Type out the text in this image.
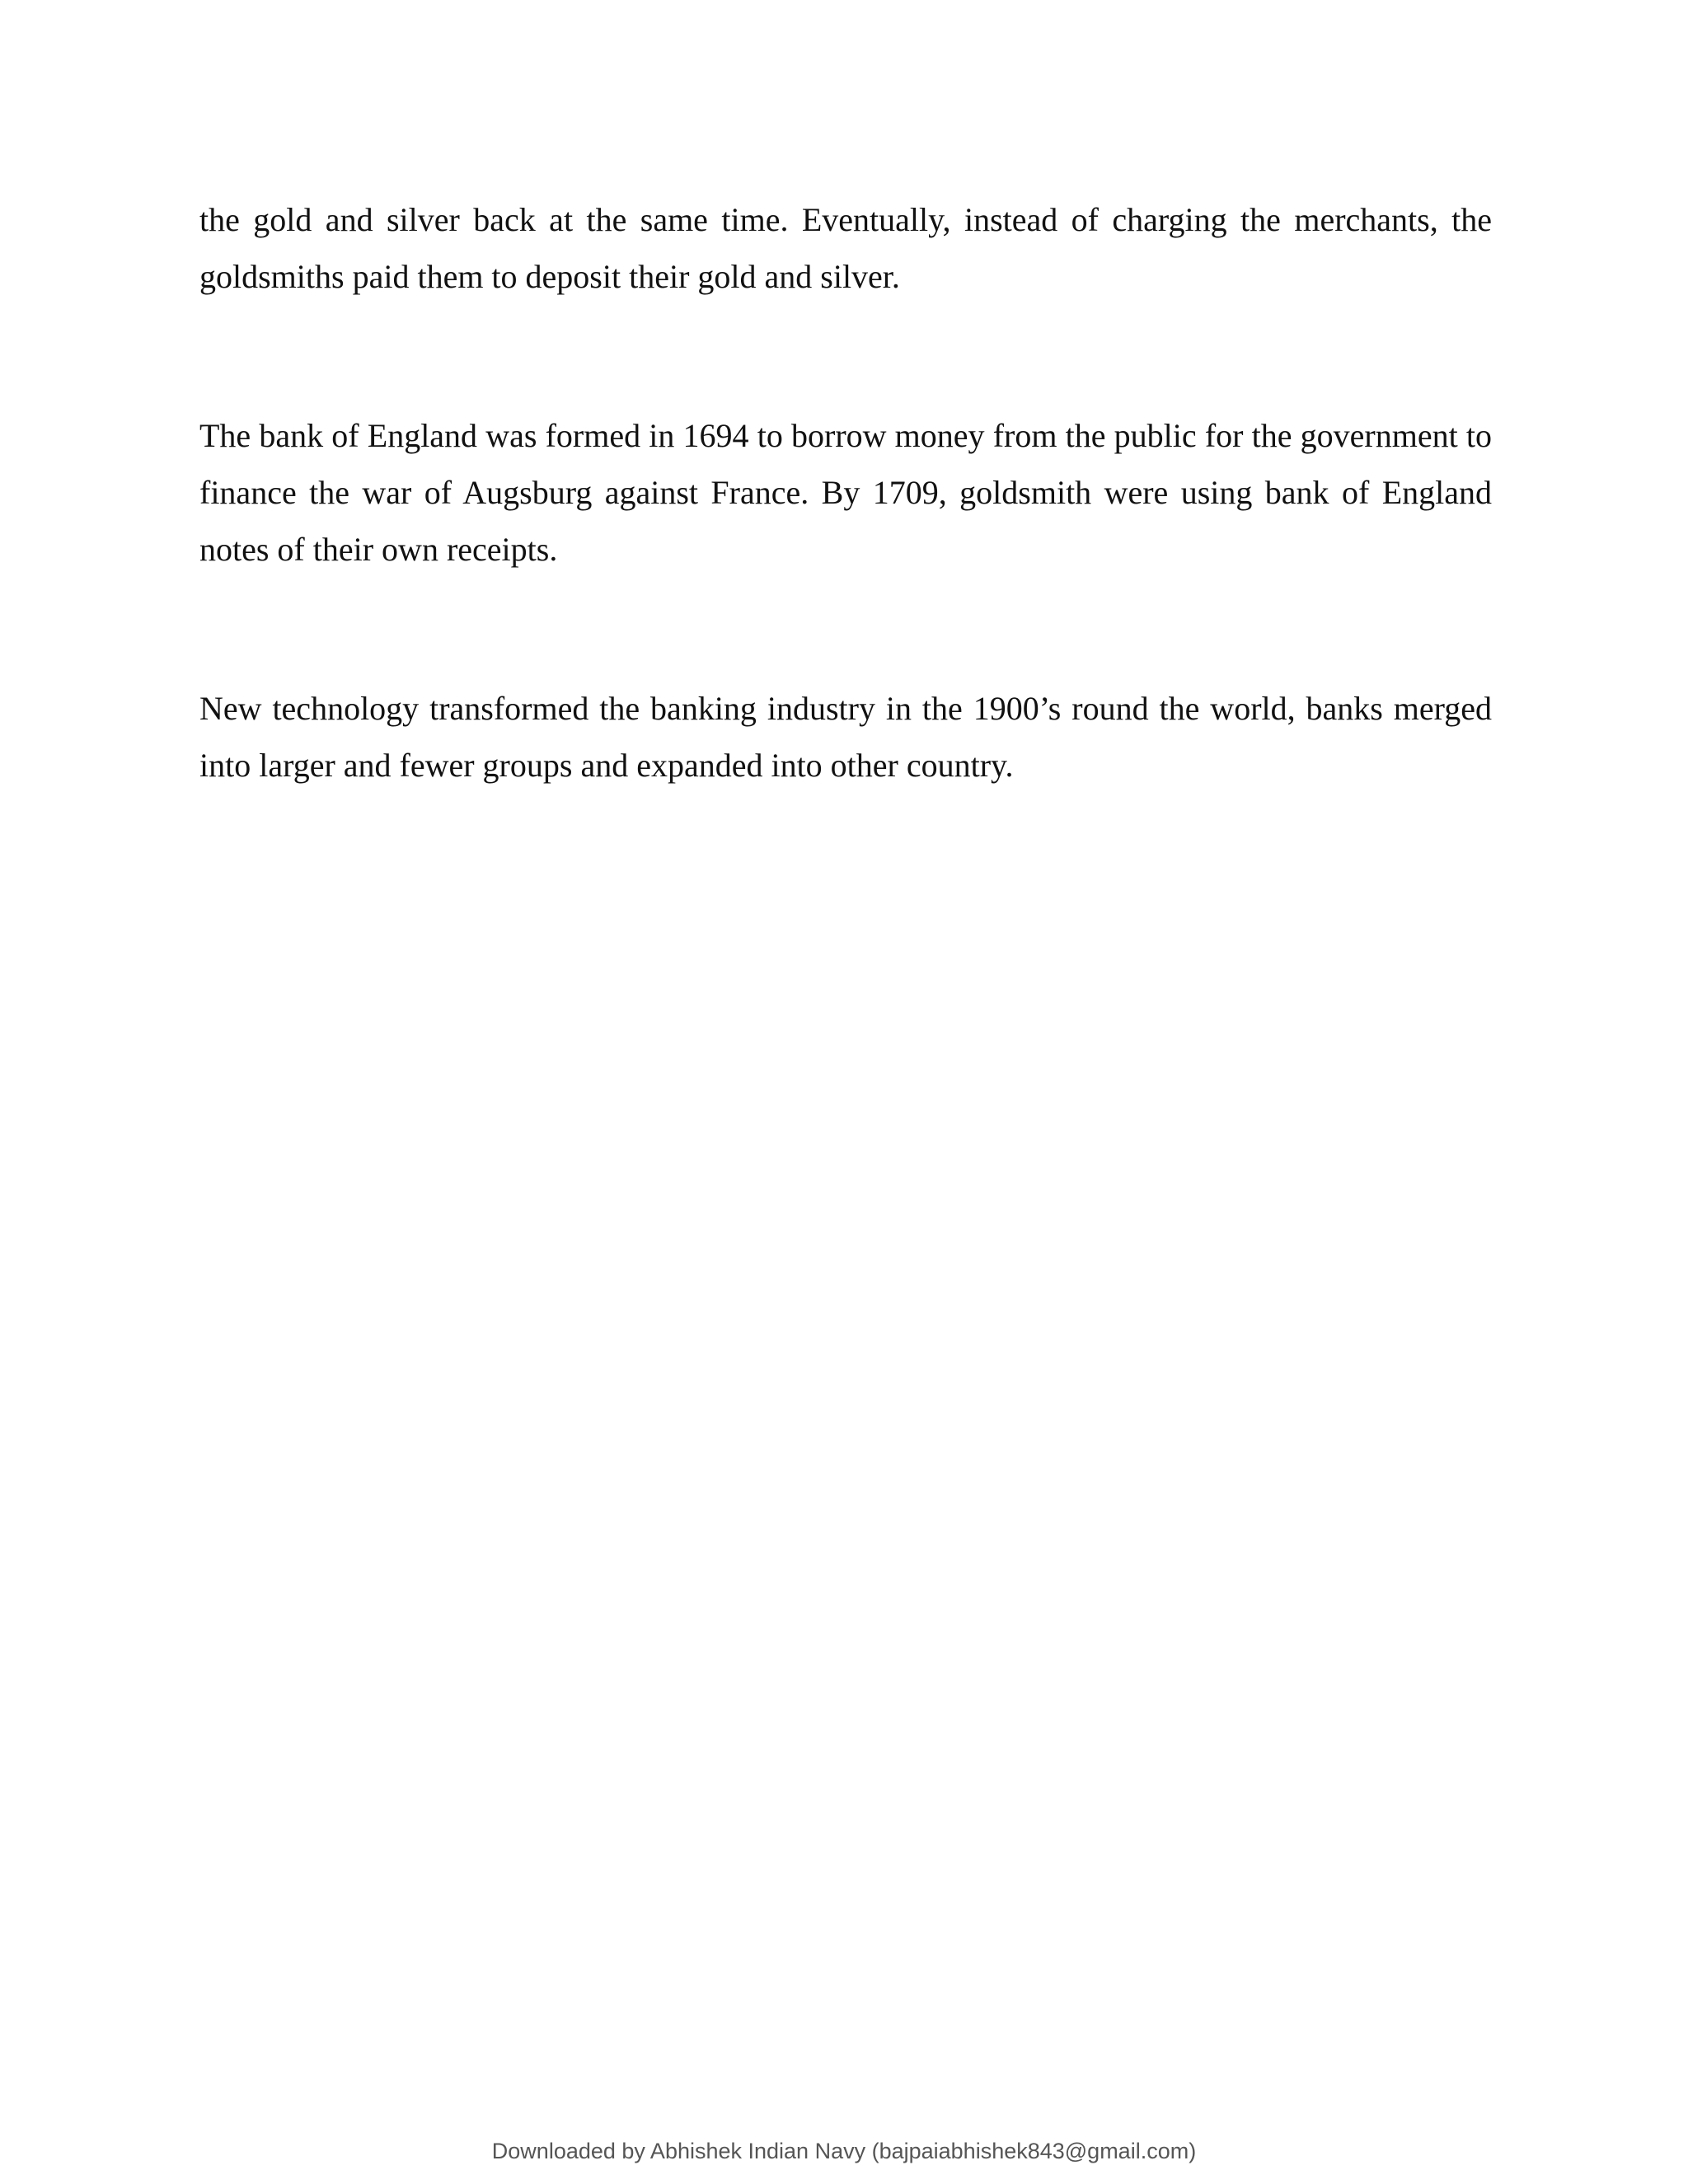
the gold and silver back at the same time. Eventually, instead of charging the merchants, the goldsmiths paid them to deposit their gold and silver.

The bank of England was formed in 1694 to borrow money from the public for the government to finance the war of Augsburg against France. By 1709, goldsmith were using bank of England notes of their own receipts.

New technology transformed the banking industry in the 1900’s round the world, banks merged into larger and fewer groups and expanded into other country.

Downloaded by Abhishek Indian Navy (bajpaiabhishek843@gmail.com)
